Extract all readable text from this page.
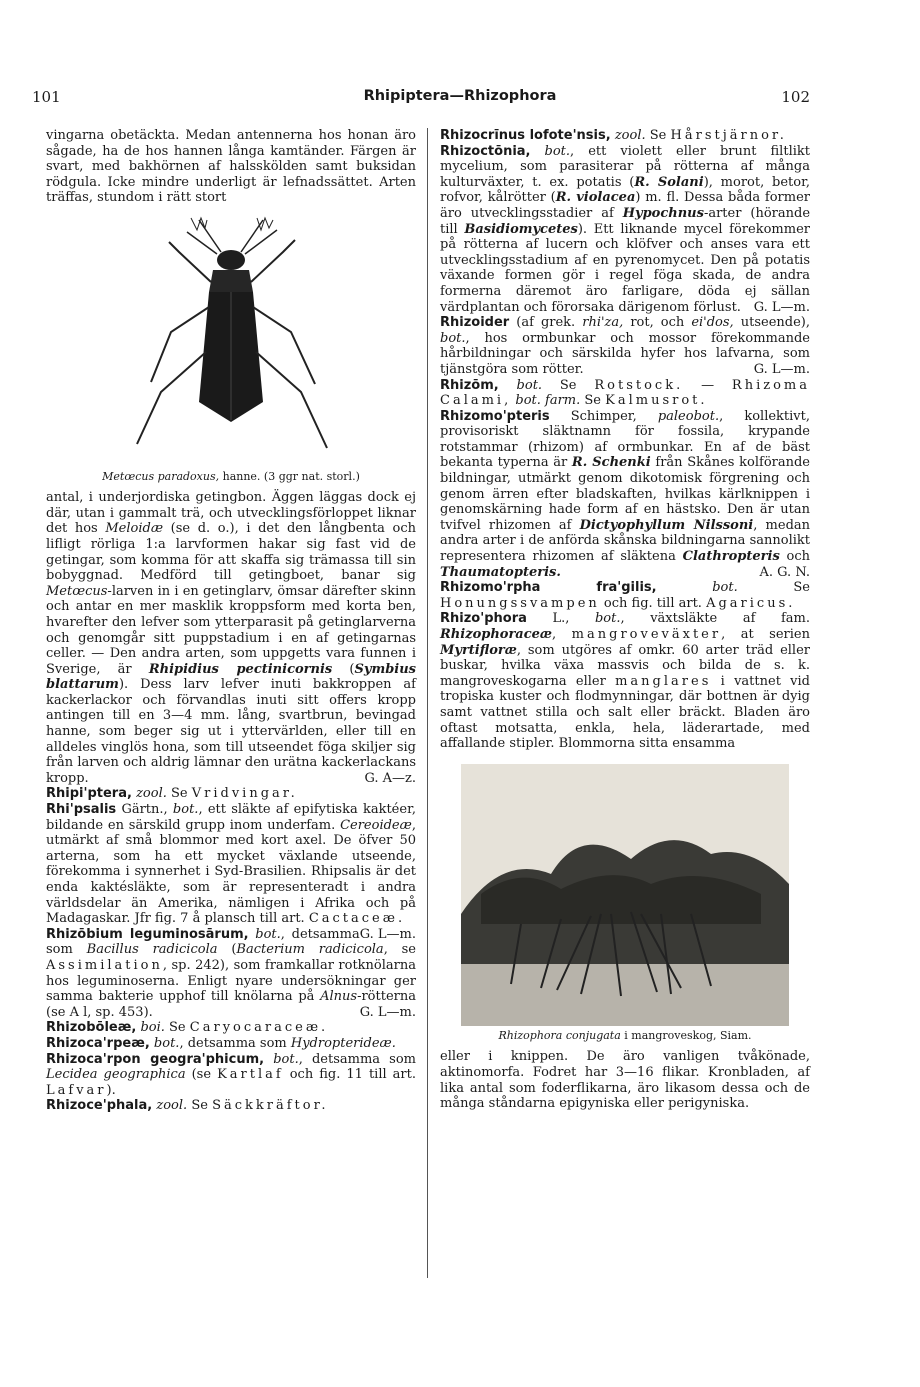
101	Rhipiptera—Rhizophora	102

vingarna obetäckta. Medan antennerna hos honan äro sågade, ha de hos hannen långa kamtänder. Färgen är svart, med bakhörnen af halsskölden samt buksidan rödgula. Icke mindre underligt är lefnadssättet. Arten träffas, stundom i rätt stort

Metœcus paradoxus, hanne. (3 ggr nat. storl.)

antal, i underjordiska getingbon. Äggen läggas dock ej där, utan i gammalt trä, och utvecklingsförloppet liknar det hos Meloidæ (se d. o.), i det den långbenta och lifligt rörliga 1:a larvformen hakar sig fast vid de getingar, som komma för att skaffa sig trämassa till sin bobyggnad. Medförd till getingboet, banar sig Metœcus-larven in i en getinglarv, ömsar därefter skinn och antar en mer masklik kroppsform med korta ben, hvarefter den lefver som ytterparasit på getinglarverna och genomgår sitt puppstadium i en af getingarnas celler. — Den andra arten, som uppgetts vara funnen i Sverige, är Rhipidius pectinicornis (Symbius blattarum). Dess larv lefver inuti bakkroppen af kackerlackor och förvandlas inuti sitt offers kropp antingen till en 3—4 mm. lång, svartbrun, bevingad hanne, som beger sig ut i yttervärlden, eller till en alldeles vinglös hona, som till utseendet föga skiljer sig från larven och aldrig lämnar den urätna kackerlackans kropp.	G. A—z.

Rhipi'ptera, zool. Se Vridvingar.

Rhi'psalis Gärtn., bot., ett släkte af epifytiska kaktéer, bildande en särskild grupp inom underfam. Cereoideæ, utmärkt af små blommor med kort axel. De öfver 50 arterna, som ha ett mycket växlande utseende, förekomma i synnerhet i Syd-Brasilien. Rhipsalis är det enda kaktésläkte, som är representeradt i andra världsdelar än Amerika, nämligen i Afrika och på Madagaskar. Jfr fig. 7 å plansch till art. Cactaceæ.
G. L—m.

Rhizōbium leguminosārum, bot., detsamma som Bacillus radicicola (Bacterium radicicola, se Assimilation, sp. 242), som framkallar rotknölarna hos leguminoserna. Enligt nyare undersökningar ger samma bakterie upphof till knölarna på Alnus-rötterna (se A l, sp. 453).	G. L—m.

Rhizobōleæ, boi. Se Caryocaraceæ.

Rhizoca'rpeæ, bot., detsamma som Hydropterideæ.

Rhizoca'rpon geogra'phicum, bot., detsamma som Lecidea geographica (se Kartlaf och fig. 11 till art. Lafvar).

Rhizoce'phala, zool. Se Säckkräftor.

Rhizocrīnus lofote'nsis, zool. Se Hårstjärnor.

Rhizoctōnia, bot., ett violett eller brunt filtlikt mycelium, som parasiterar på rötterna af många kulturväxter, t. ex. potatis (R. Solani), morot, betor, rofvor, kålrötter (R. violacea) m. fl. Dessa båda former äro utvecklingsstadier af Hypochnus-arter (hörande till Basidiomycetes). Ett liknande mycel förekommer på rötterna af lucern och klöfver och anses vara ett utvecklingsstadium af en pyrenomycet. Den på potatis växande formen gör i regel föga skada, de andra formerna däremot äro farligare, döda ej sällan värdplantan och förorsaka därigenom förlust. G. L—m.

Rhizoider (af grek. rhi'za, rot, och ei'dos, utseende), bot., hos ormbunkar och mossor förekommande hårbildningar och särskilda hyfer hos lafvarna, som tjänstgöra som rötter.	G. L—m.

Rhizōm, bot. Se Rotstock. — Rhizoma Calami, bot. farm. Se Kalmusrot.

Rhizomo'pteris Schimper, paleobot., kollektivt, provisoriskt släktnamn för fossila, krypande rotstammar (rhizom) af ormbunkar. En af de bäst bekanta typerna är R. Schenki från Skånes kolförande bildningar, utmärkt genom dikotomisk förgrening och genom ärren efter bladskaften, hvilkas kärlknippen i genomskärning hade form af en hästsko. Den är utan tvifvel rhizomen af Dictyophyllum Nilssoni, medan andra arter i de anförda skånska bildningarna sannolikt representera rhizomen af släktena Clathropteris och Thaumatopteris.	A. G. N.

Rhizomo'rpha fra'gilis,	bot.	Se Honungssvampen och fig. till art. Agaricus.

Rhizo'phora L., bot., växtsläkte af fam. Rhizophoraceæ, mangroveväxter, at serien Myrtifloræ, som utgöres af omkr. 60 arter träd eller buskar, hvilka växa massvis och bilda de s. k. mangroveskogarna eller manglares i vattnet vid tropiska kuster och flodmynningar, där bottnen är dyig samt vattnet stilla och salt eller bräckt. Bladen äro oftast motsatta, enkla, hela, läderartade, med affallande stipler. Blommorna sitta ensamma

Rhizophora conjugata i mangroveskog, Siam.

eller i knippen. De äro vanligen tvåkönade, aktinomorfa. Fodret har 3—16 flikar. Kronbladen, af lika antal som foderflikarna, äro likasom dessa och de många ståndarna epigyniska eller perigyniska.
